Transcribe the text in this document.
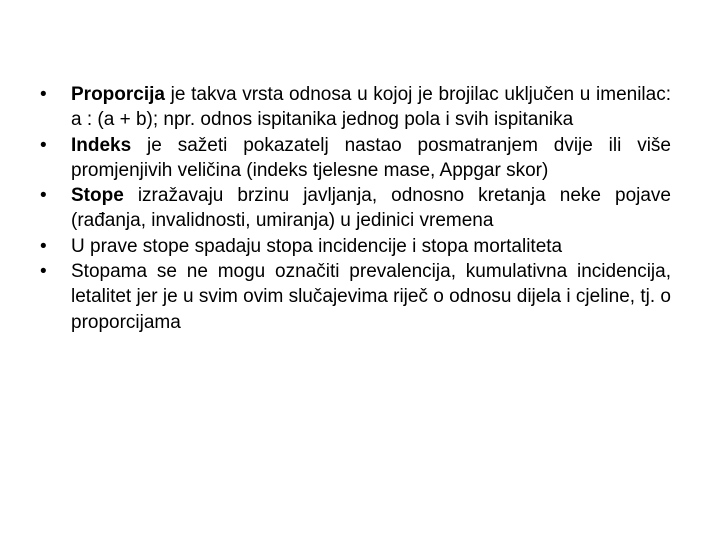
•	Proporcija je takva vrsta odnosa u kojoj je brojilac uključen u imenilac: a : (a + b); npr. odnos ispitanika jednog pola i svih ispitanika
•	Indeks je sažeti pokazatelj nastao posmatranjem dvije ili više promjenjivih veličina (indeks tjelesne mase, Appgar skor)
•	Stope izražavaju brzinu javljanja, odnosno kretanja neke pojave (rađanja, invalidnosti, umiranja) u jedinici vremena
•	U prave stope spadaju stopa incidencije i stopa mortaliteta
•	Stopama se ne mogu označiti prevalencija, kumulativna incidencija, letalitet jer je u svim ovim slučajevima riječ o odnosu dijela i cjeline, tj. o proporcijama
